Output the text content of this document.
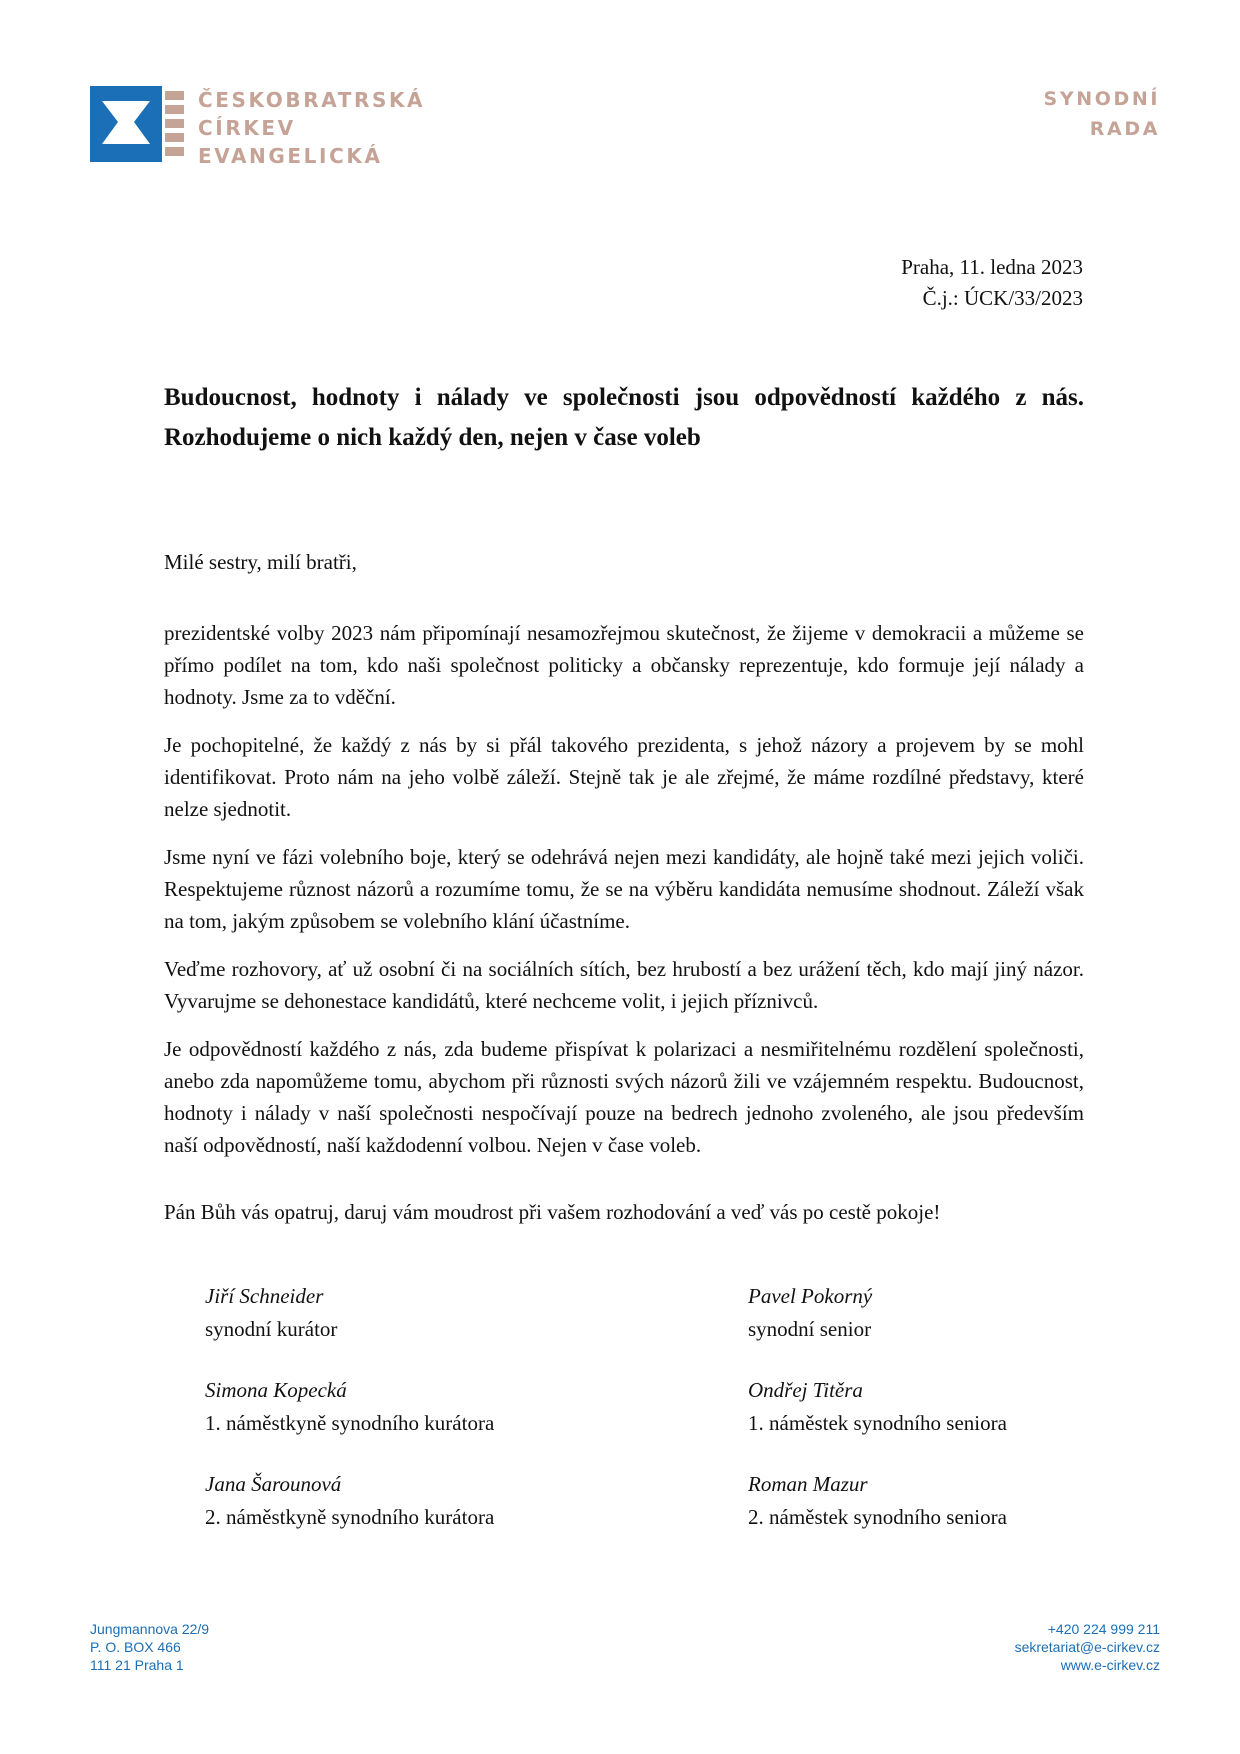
ČESKOBRATRSKÁ
CÍRKEV
EVANGELICKÁ
SYNODNÍ
RADA
Praha, 11. ledna 2023
Č.j.: ÚCK/33/2023
Budoucnost, hodnoty i nálady ve společnosti jsou odpovědností každého z nás. Rozhodujeme o nich každý den, nejen v čase voleb
Milé sestry, milí bratři,

prezidentské volby 2023 nám připomínají nesamozřejmou skutečnost, že žijeme v demokracii a můžeme se přímo podílet na tom, kdo naši společnost politicky a občansky reprezentuje, kdo formuje její nálady a hodnoty. Jsme za to vděční.

Je pochopitelné, že každý z nás by si přál takového prezidenta, s jehož názory a projevem by se mohl identifikovat. Proto nám na jeho volbě záleží. Stejně tak je ale zřejmé, že máme rozdílné představy, které nelze sjednotit.

Jsme nyní ve fázi volebního boje, který se odehrává nejen mezi kandidáty, ale hojně také mezi jejich voliči. Respektujeme různost názorů a rozumíme tomu, že se na výběru kandidáta nemusíme shodnout. Záleží však na tom, jakým způsobem se volebního klání účastníme.

Veďme rozhovory, ať už osobní či na sociálních sítích, bez hrubostí a bez urážení těch, kdo mají jiný názor. Vyvarujme se dehonestace kandidátů, které nechceme volit, i jejich příznivců.

Je odpovědností každého z nás, zda budeme přispívat k polarizaci a nesmiřitelnému rozdělení společnosti, anebo zda napomůžeme tomu, abychom při různosti svých názorů žili ve vzájemném respektu. Budoucnost, hodnoty i nálady v naší společnosti nespočívají pouze na bedrech jednoho zvoleného, ale jsou především naší odpovědností, naší každodenní volbou. Nejen v čase voleb.

Pán Bůh vás opatruj, daruj vám moudrost při vašem rozhodování a veď vás po cestě pokoje!
Jiří Schneider
synodní kurátor
Pavel Pokorný
synodní senior
Simona Kopecká
1. náměstkyně synodního kurátora
Ondřej Titěra
1. náměstek synodního seniora
Jana Šarounová
2. náměstkyně synodního kurátora
Roman Mazur
2. náměstek synodního seniora
Jungmannova 22/9
P. O. BOX 466
111 21 Praha 1
+420 224 999 211
sekretariat@e-cirkev.cz
www.e-cirkev.cz
